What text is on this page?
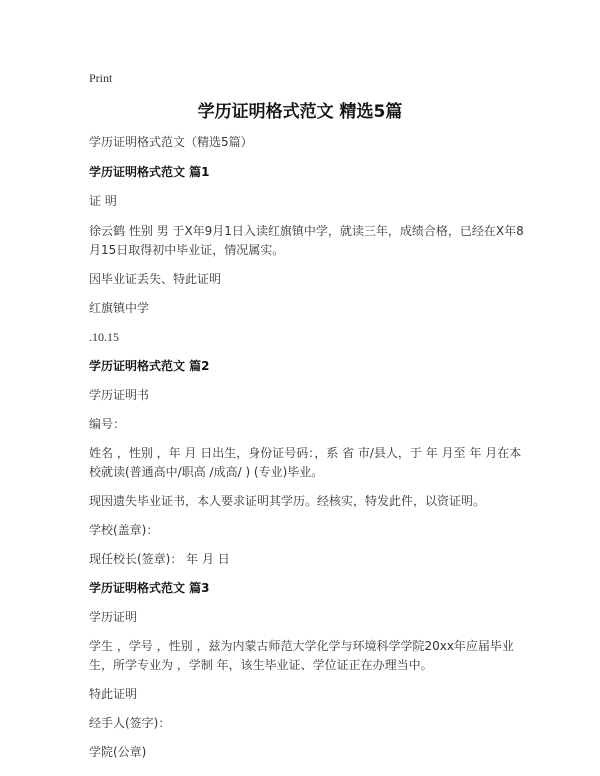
Print
学历证明格式范文 精选5篇

学历证明格式范文（精选5篇）

学历证明格式范文 篇1

证 明

徐云鹤 性别 男 于X年9月1日入读红旗镇中学，就读三年，成绩合格，已经在X年8月15日取得初中毕业证，情况属实。

因毕业证丢失、特此证明

红旗镇中学

.10.15

学历证明格式范文 篇2

学历证明书

编号：

姓名 ，性别 ，年 月 日出生，身份证号码：，系 省 市/县人，于 年 月至 年 月在本校就读(普通高中/职高 /成高/ ) (专业)毕业。

现因遗失毕业证书，本人要求证明其学历。经核实，特发此件，以资证明。

学校(盖章)：

现任校长(签章)： 年 月 日

学历证明格式范文 篇3

学历证明

学生 ，学号 ，性别 ，兹为内蒙古师范大学化学与环境科学学院20xx年应届毕业生，所学专业为 ，学制 年，该生毕业证、学位证正在办理当中。

特此证明

经手人(签字)：

学院(公章)
